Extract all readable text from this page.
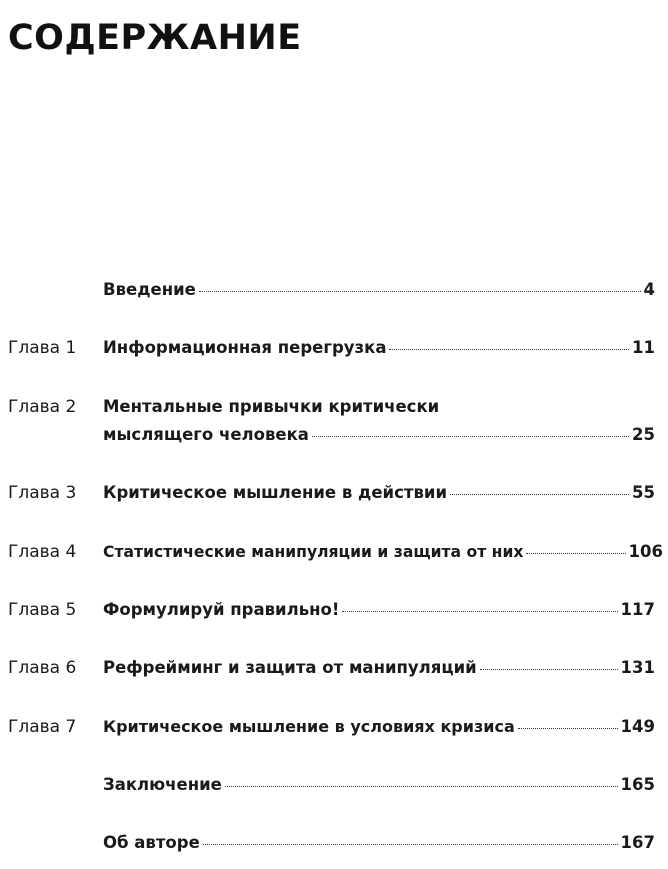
СОДЕРЖАНИЕ
Введение	4
Глава 1 Информационная перегрузка	11
Глава 2 Ментальные привычки критически
мыслящего человека	25
Глава 3 Критическое мышление в действии	55
Глава 4 Статистические манипуляции и защита от них	106
Глава 5 Формулируй правильно!	117
Глава 6 Рефрейминг и защита от манипуляций	131
Глава 7 Критическое мышление в условиях кризиса	149
Заключение	165
Об авторе	167
